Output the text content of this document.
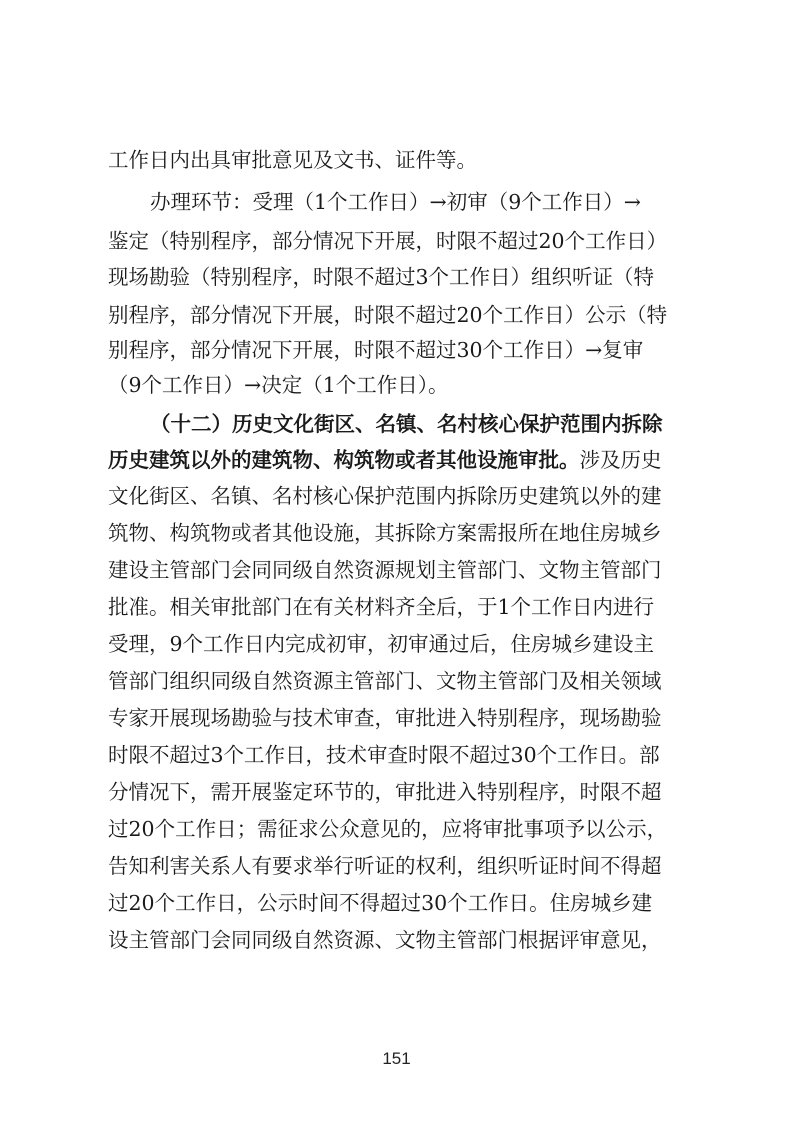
工作日内出具审批意见及文书、证件等。
办理环节：受理（1个工作日）→初审（9个工作日）→
鉴定（特别程序，部分情况下开展，时限不超过20个工作日）
现场勘验（特别程序，时限不超过3个工作日）组织听证（特
别程序，部分情况下开展，时限不超过20个工作日）公示（特
别程序，部分情况下开展，时限不超过30个工作日）→复审
（9个工作日）→决定（1个工作日）。
（十二）历史文化街区、名镇、名村核心保护范围内拆除
历史建筑以外的建筑物、构筑物或者其他设施审批。涉及历史
文化街区、名镇、名村核心保护范围内拆除历史建筑以外的建
筑物、构筑物或者其他设施，其拆除方案需报所在地住房城乡
建设主管部门会同同级自然资源规划主管部门、文物主管部门
批准。相关审批部门在有关材料齐全后，于1个工作日内进行
受理，9个工作日内完成初审，初审通过后，住房城乡建设主
管部门组织同级自然资源主管部门、文物主管部门及相关领域
专家开展现场勘验与技术审查，审批进入特别程序，现场勘验
时限不超过3个工作日，技术审查时限不超过30个工作日。部
分情况下，需开展鉴定环节的，审批进入特别程序，时限不超
过20个工作日；需征求公众意见的，应将审批事项予以公示，
告知利害关系人有要求举行听证的权利，组织听证时间不得超
过20个工作日，公示时间不得超过30个工作日。住房城乡建
设主管部门会同同级自然资源、文物主管部门根据评审意见，
151
